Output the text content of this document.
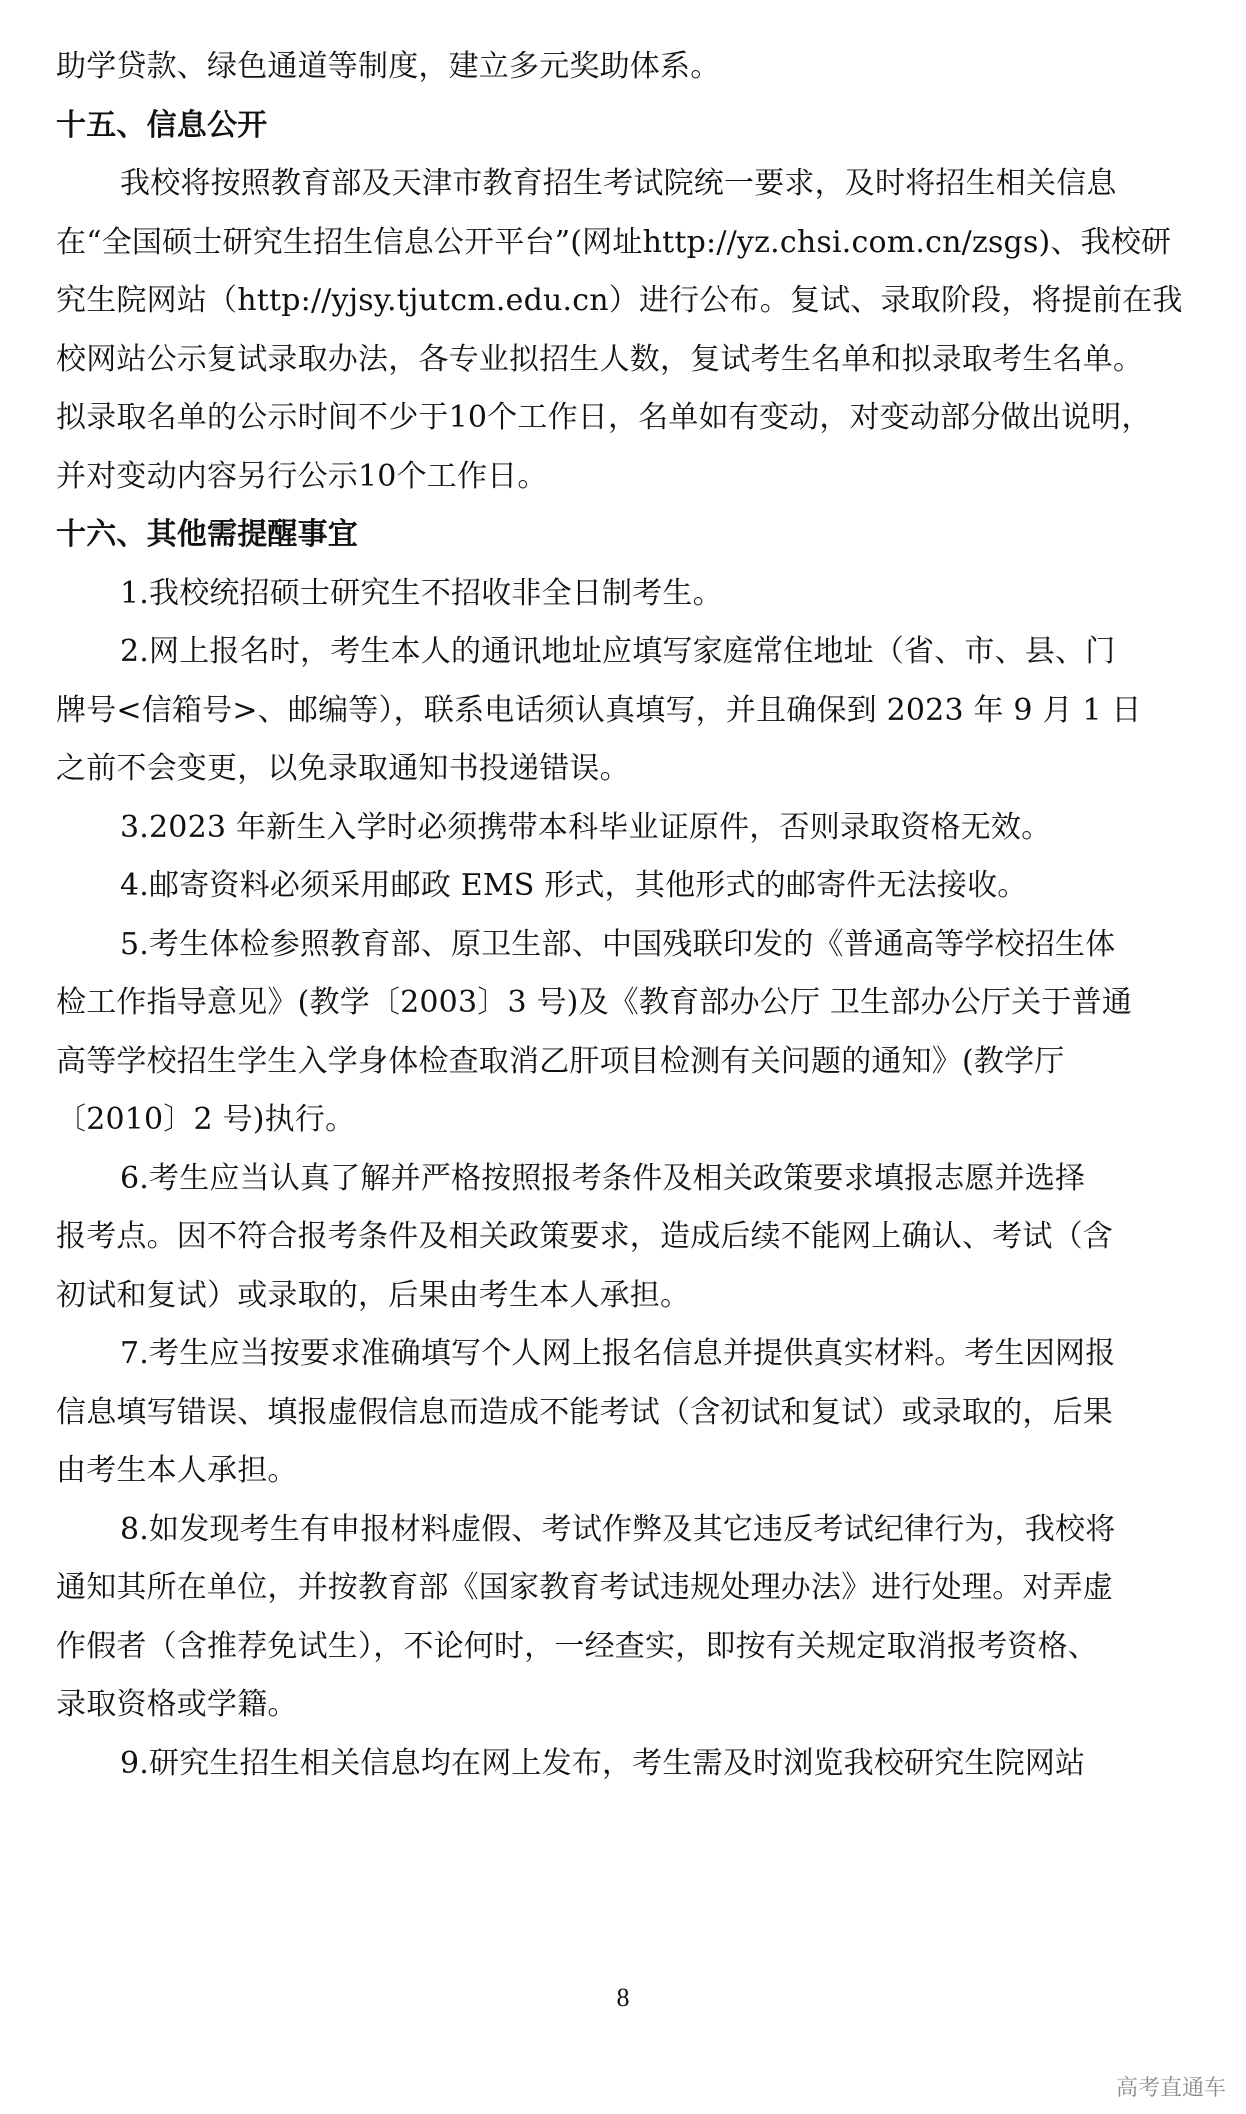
助学贷款、绿色通道等制度，建立多元奖助体系。
十五、信息公开
我校将按照教育部及天津市教育招生考试院统一要求，及时将招生相关信息
在“全国硕士研究生招生信息公开平台”(网址http://yz.chsi.com.cn/zsgs)、我校研
究生院网站（http://yjsy.tjutcm.edu.cn）进行公布。复试、录取阶段，将提前在我
校网站公示复试录取办法，各专业拟招生人数，复试考生名单和拟录取考生名单。
拟录取名单的公示时间不少于10个工作日，名单如有变动，对变动部分做出说明，
并对变动内容另行公示10个工作日。
十六、其他需提醒事宜
1.我校统招硕士研究生不招收非全日制考生。
2.网上报名时，考生本人的通讯地址应填写家庭常住地址（省、市、县、门
牌号<信箱号>、邮编等），联系电话须认真填写，并且确保到 2023 年 9 月 1 日
之前不会变更，以免录取通知书投递错误。
3.2023 年新生入学时必须携带本科毕业证原件，否则录取资格无效。
4.邮寄资料必须采用邮政 EMS 形式，其他形式的邮寄件无法接收。
5.考生体检参照教育部、原卫生部、中国残联印发的《普通高等学校招生体
检工作指导意见》(教学〔2003〕3 号)及《教育部办公厅 卫生部办公厅关于普通
高等学校招生学生入学身体检查取消乙肝项目检测有关问题的通知》(教学厅
〔2010〕2 号)执行。
6.考生应当认真了解并严格按照报考条件及相关政策要求填报志愿并选择
报考点。因不符合报考条件及相关政策要求，造成后续不能网上确认、考试（含
初试和复试）或录取的，后果由考生本人承担。
7.考生应当按要求准确填写个人网上报名信息并提供真实材料。考生因网报
信息填写错误、填报虚假信息而造成不能考试（含初试和复试）或录取的，后果
由考生本人承担。
8.如发现考生有申报材料虚假、考试作弊及其它违反考试纪律行为，我校将
通知其所在单位，并按教育部《国家教育考试违规处理办法》进行处理。对弄虚
作假者（含推荐免试生），不论何时，一经查实，即按有关规定取消报考资格、
录取资格或学籍。
9.研究生招生相关信息均在网上发布，考生需及时浏览我校研究生院网站
8
高考直通车
